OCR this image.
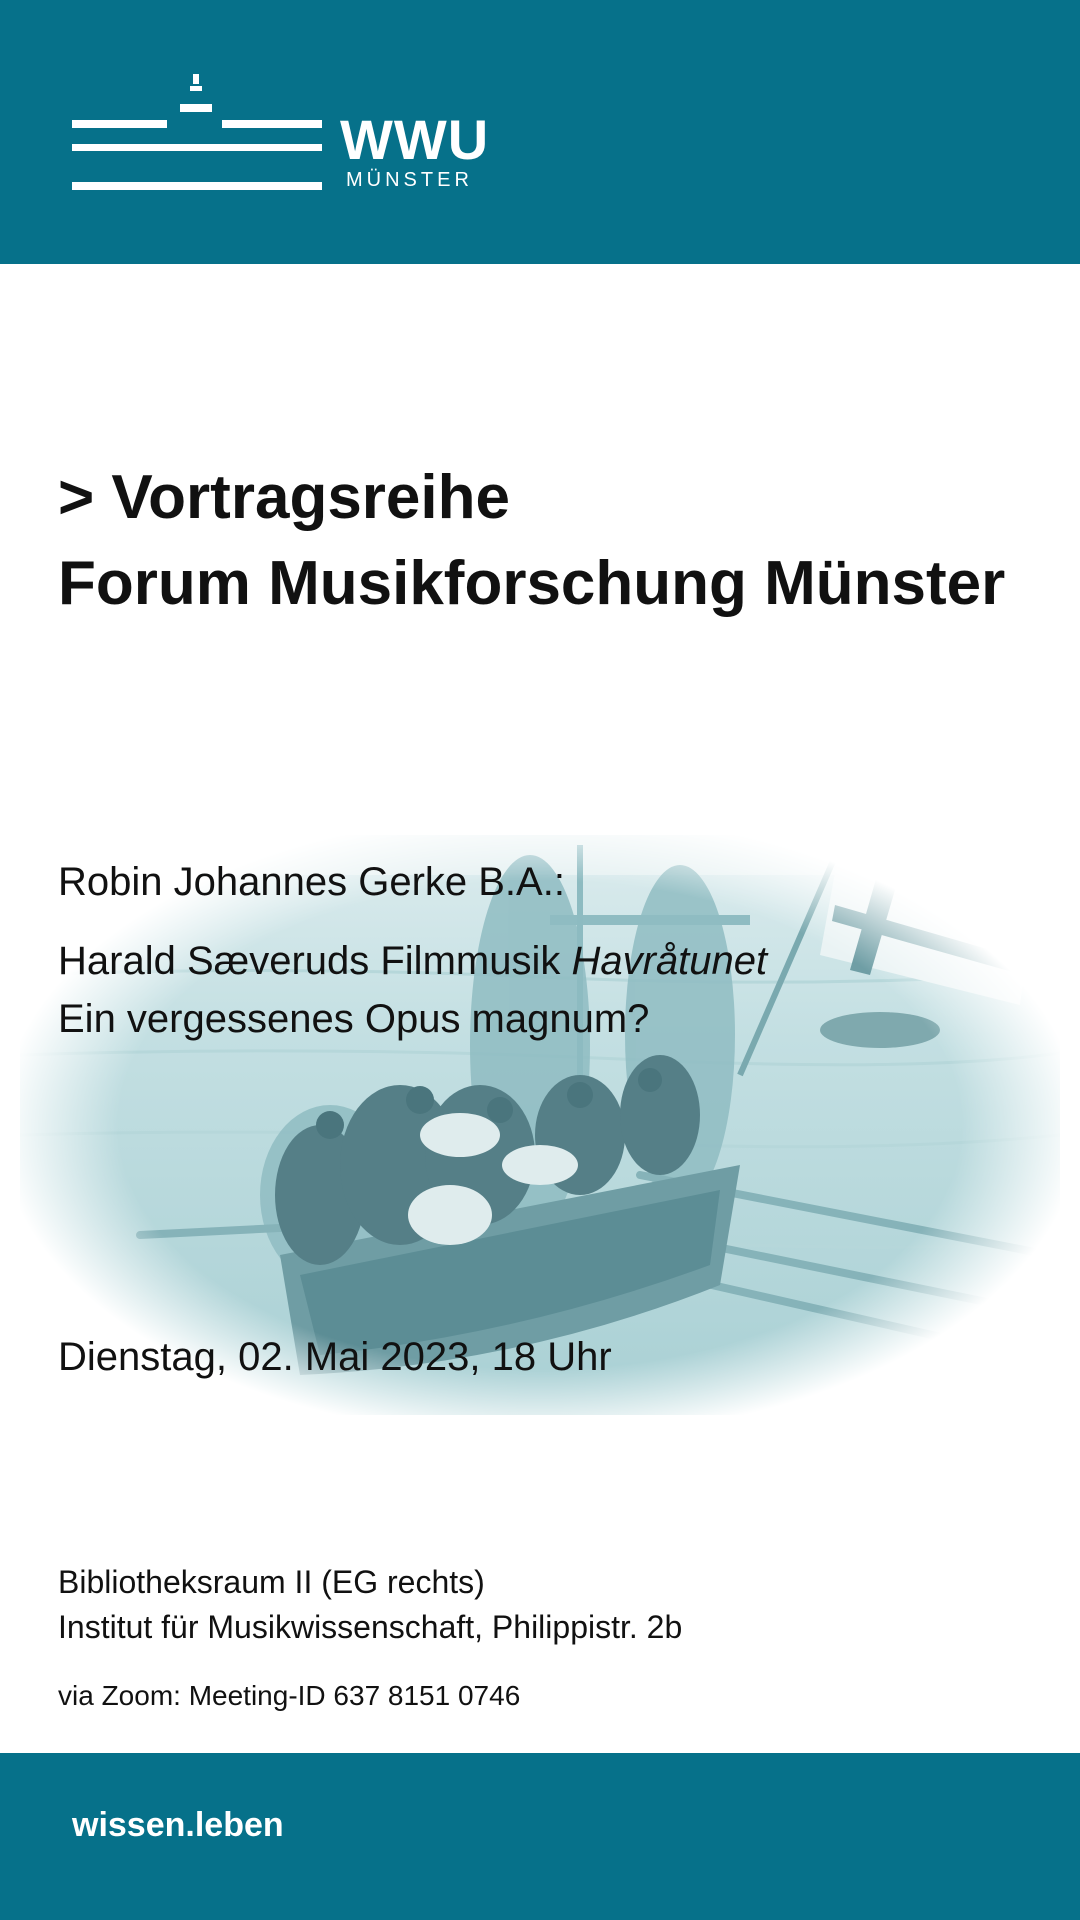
WWU
MÜNSTER
> Vortragsreihe
Forum Musikforschung Münster
Robin Johannes Gerke B.A.:
Harald Sæveruds Filmmusik Havråtunet
Ein vergessenes Opus magnum?
Dienstag, 02. Mai 2023, 18 Uhr
Bibliotheksraum II (EG rechts)
Institut für Musikwissenschaft, Philippistr. 2b
via Zoom: Meeting-ID 637 8151 0746
wissen.leben
